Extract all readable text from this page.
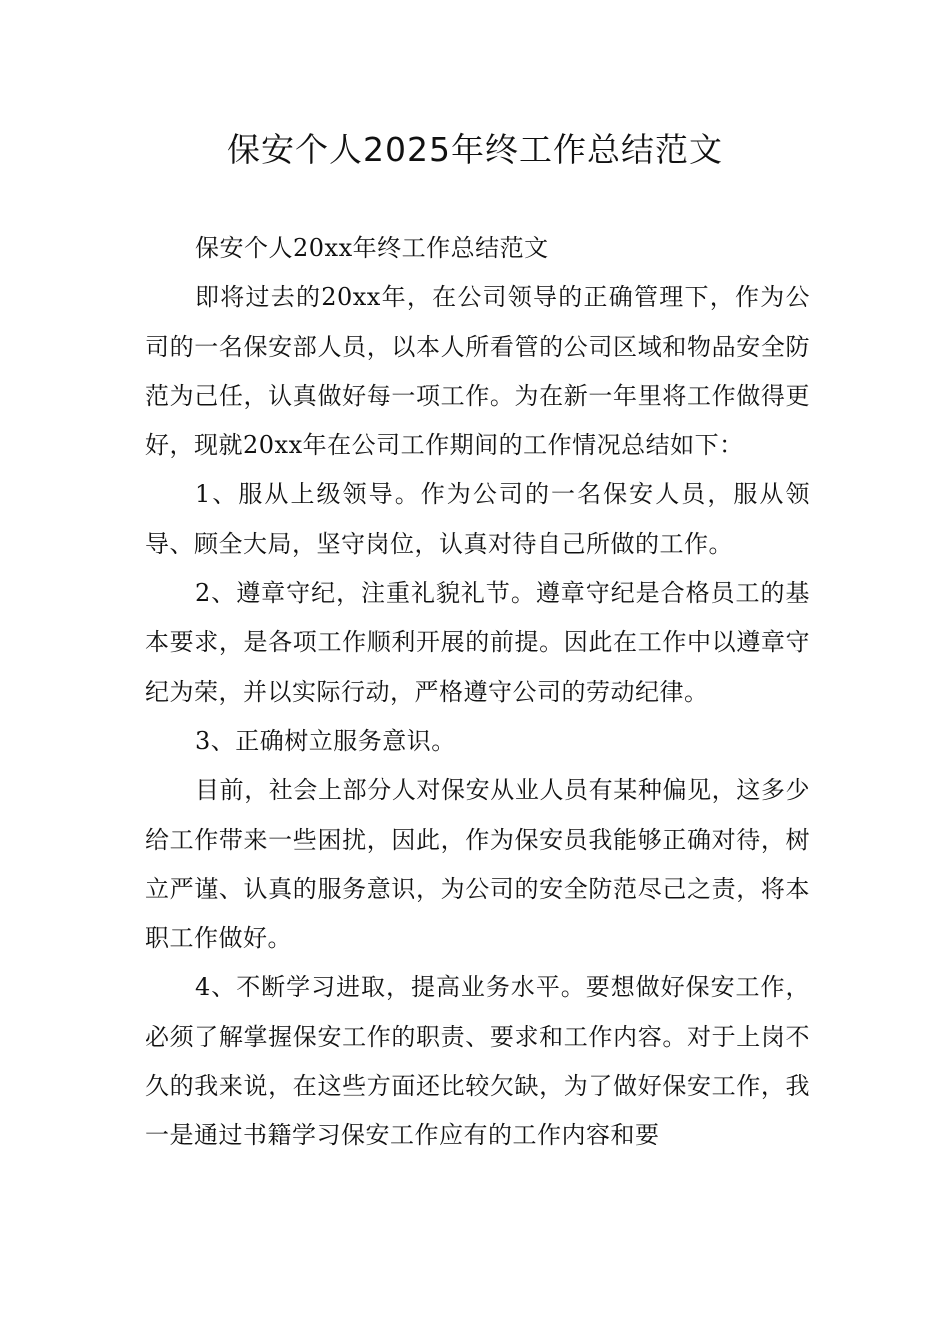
保安个人2025年终工作总结范文

保安个人20xx年终工作总结范文

即将过去的20xx年，在公司领导的正确管理下，作为公司的一名保安部人员，以本人所看管的公司区域和物品安全防范为己任，认真做好每一项工作。为在新一年里将工作做得更好，现就20xx年在公司工作期间的工作情况总结如下：

1、服从上级领导。作为公司的一名保安人员，服从领导、顾全大局，坚守岗位，认真对待自己所做的工作。

2、遵章守纪，注重礼貌礼节。遵章守纪是合格员工的基本要求，是各项工作顺利开展的前提。因此在工作中以遵章守纪为荣，并以实际行动，严格遵守公司的劳动纪律。

3、正确树立服务意识。

目前，社会上部分人对保安从业人员有某种偏见，这多少给工作带来一些困扰，因此，作为保安员我能够正确对待，树立严谨、认真的服务意识，为公司的安全防范尽己之责，将本职工作做好。

4、不断学习进取，提高业务水平。要想做好保安工作，必须了解掌握保安工作的职责、要求和工作内容。对于上岗不久的我来说，在这些方面还比较欠缺，为了做好保安工作，我一是通过书籍学习保安工作应有的工作内容和要
